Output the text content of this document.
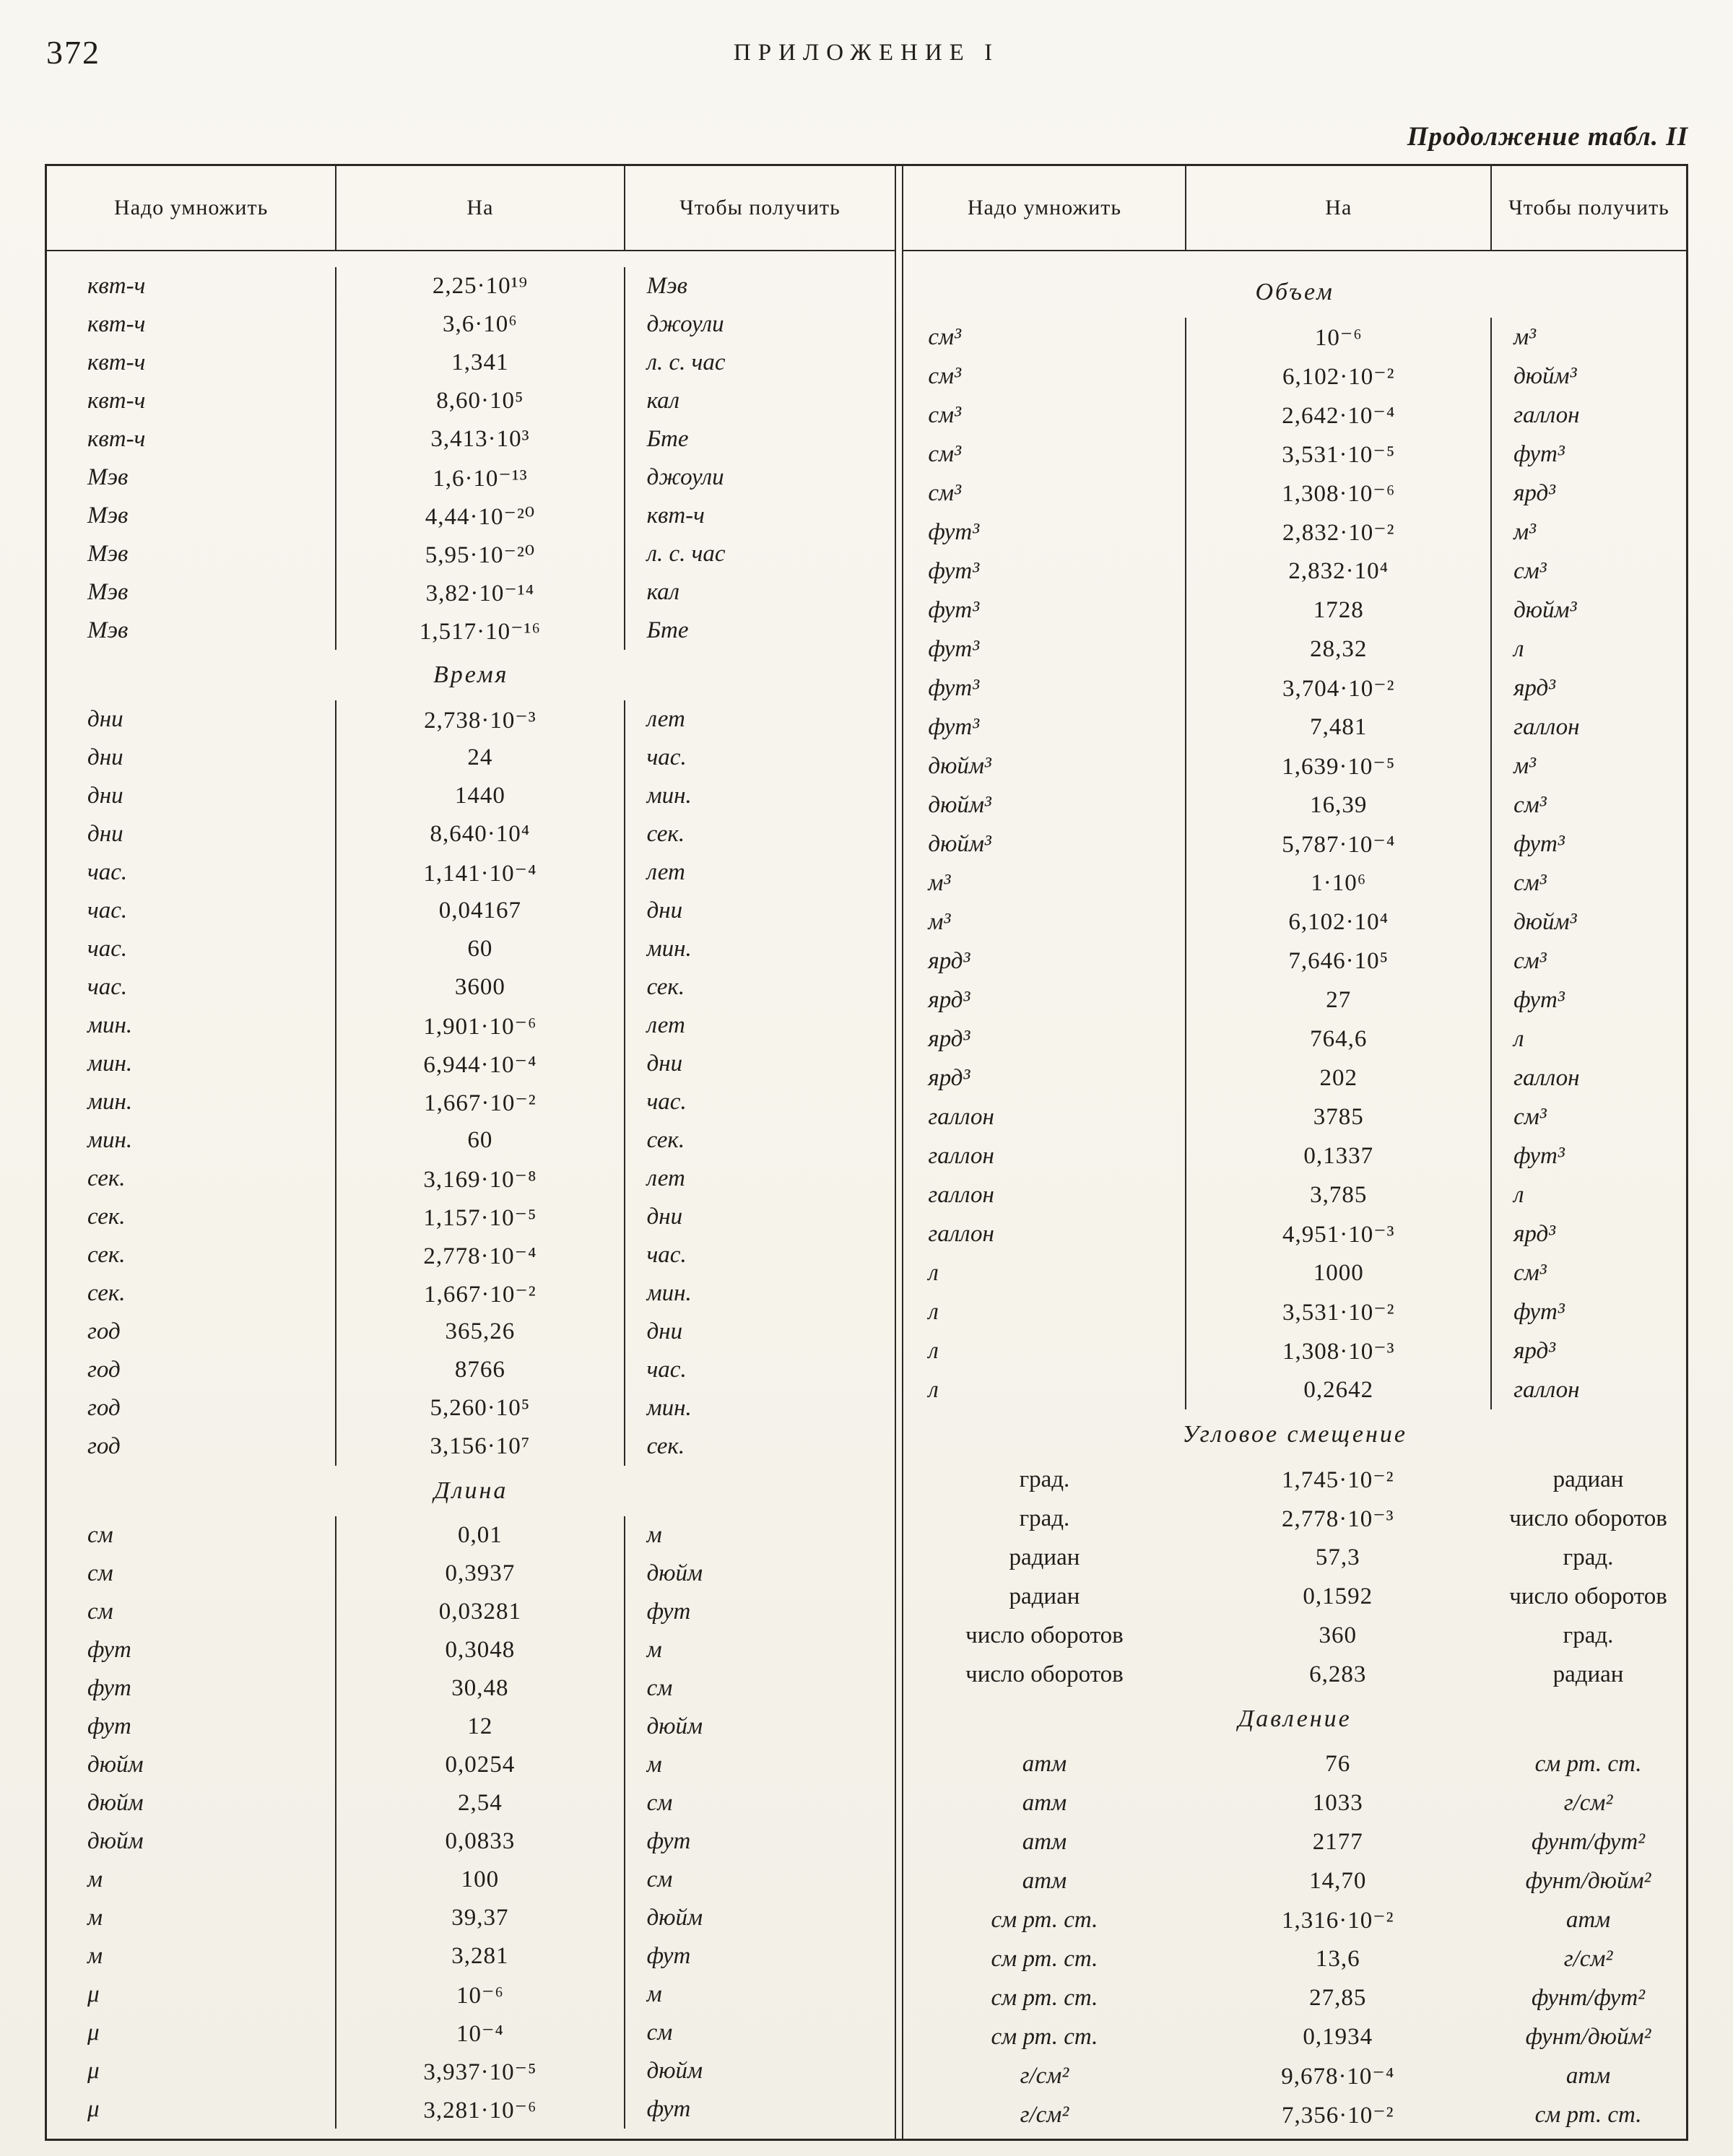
372	ПРИЛОЖЕНИЕ I
Продолжение табл. II
Надо умножить	На	Чтобы получить
квт-ч	2,25·10¹⁹	Мэв
квт-ч	3,6·10⁶	джоули
квт-ч	1,341	л. с. час
квт-ч	8,60·10⁵	кал
квт-ч	3,413·10³	Бте
Мэв	1,6·10⁻¹³	джоули
Мэв	4,44·10⁻²⁰	квт-ч
Мэв	5,95·10⁻²⁰	л. с. час
Мэв	3,82·10⁻¹⁴	кал
Мэв	1,517·10⁻¹⁶	Бте
Время
дни	2,738·10⁻³	лет
дни	24	час.
дни	1440	мин.
дни	8,640·10⁴	сек.
час.	1,141·10⁻⁴	лет
час.	0,04167	дни
час.	60	мин.
час.	3600	сек.
мин.	1,901·10⁻⁶	лет
мин.	6,944·10⁻⁴	дни
мин.	1,667·10⁻²	час.
мин.	60	сек.
сек.	3,169·10⁻⁸	лет
сек.	1,157·10⁻⁵	дни
сек.	2,778·10⁻⁴	час.
сек.	1,667·10⁻²	мин.
год	365,26	дни
год	8766	час.
год	5,260·10⁵	мин.
год	3,156·10⁷	сек.
Длина
см	0,01	м
см	0,3937	дюйм
см	0,03281	фут
фут	0,3048	м
фут	30,48	см
фут	12	дюйм
дюйм	0,0254	м
дюйм	2,54	см
дюйм	0,0833	фут
м	100	см
м	39,37	дюйм
м	3,281	фут
μ	10⁻⁶	м
μ	10⁻⁴	см
μ	3,937·10⁻⁵	дюйм
μ	3,281·10⁻⁶	фут
Надо умножить	На	Чтобы получить
Объем
см³	10⁻⁶	м³
см³	6,102·10⁻²	дюйм³
см³	2,642·10⁻⁴	галлон
см³	3,531·10⁻⁵	фут³
см³	1,308·10⁻⁶	ярд³
фут³	2,832·10⁻²	м³
фут³	2,832·10⁴	см³
фут³	1728	дюйм³
фут³	28,32	л
фут³	3,704·10⁻²	ярд³
фут³	7,481	галлон
дюйм³	1,639·10⁻⁵	м³
дюйм³	16,39	см³
дюйм³	5,787·10⁻⁴	фут³
м³	1·10⁶	см³
м³	6,102·10⁴	дюйм³
ярд³	7,646·10⁵	см³
ярд³	27	фут³
ярд³	764,6	л
ярд³	202	галлон
галлон	3785	см³
галлон	0,1337	фут³
галлон	3,785	л
галлон	4,951·10⁻³	ярд³
л	1000	см³
л	3,531·10⁻²	фут³
л	1,308·10⁻³	ярд³
л	0,2642	галлон
Угловое смещение
град.	1,745·10⁻²	радиан
град.	2,778·10⁻³	число оборотов
радиан	57,3	град.
радиан	0,1592	число оборотов
число оборотов	360	град.
число оборотов	6,283	радиан
Давление
атм	76	см рт. ст.
атм	1033	г/см²
атм	2177	фунт/фут²
атм	14,70	фунт/дюйм²
см рт. ст.	1,316·10⁻²	атм
см рт. ст.	13,6	г/см²
см рт. ст.	27,85	фунт/фут²
см рт. ст.	0,1934	фунт/дюйм²
г/см²	9,678·10⁻⁴	атм
г/см²	7,356·10⁻²	см рт. ст.
